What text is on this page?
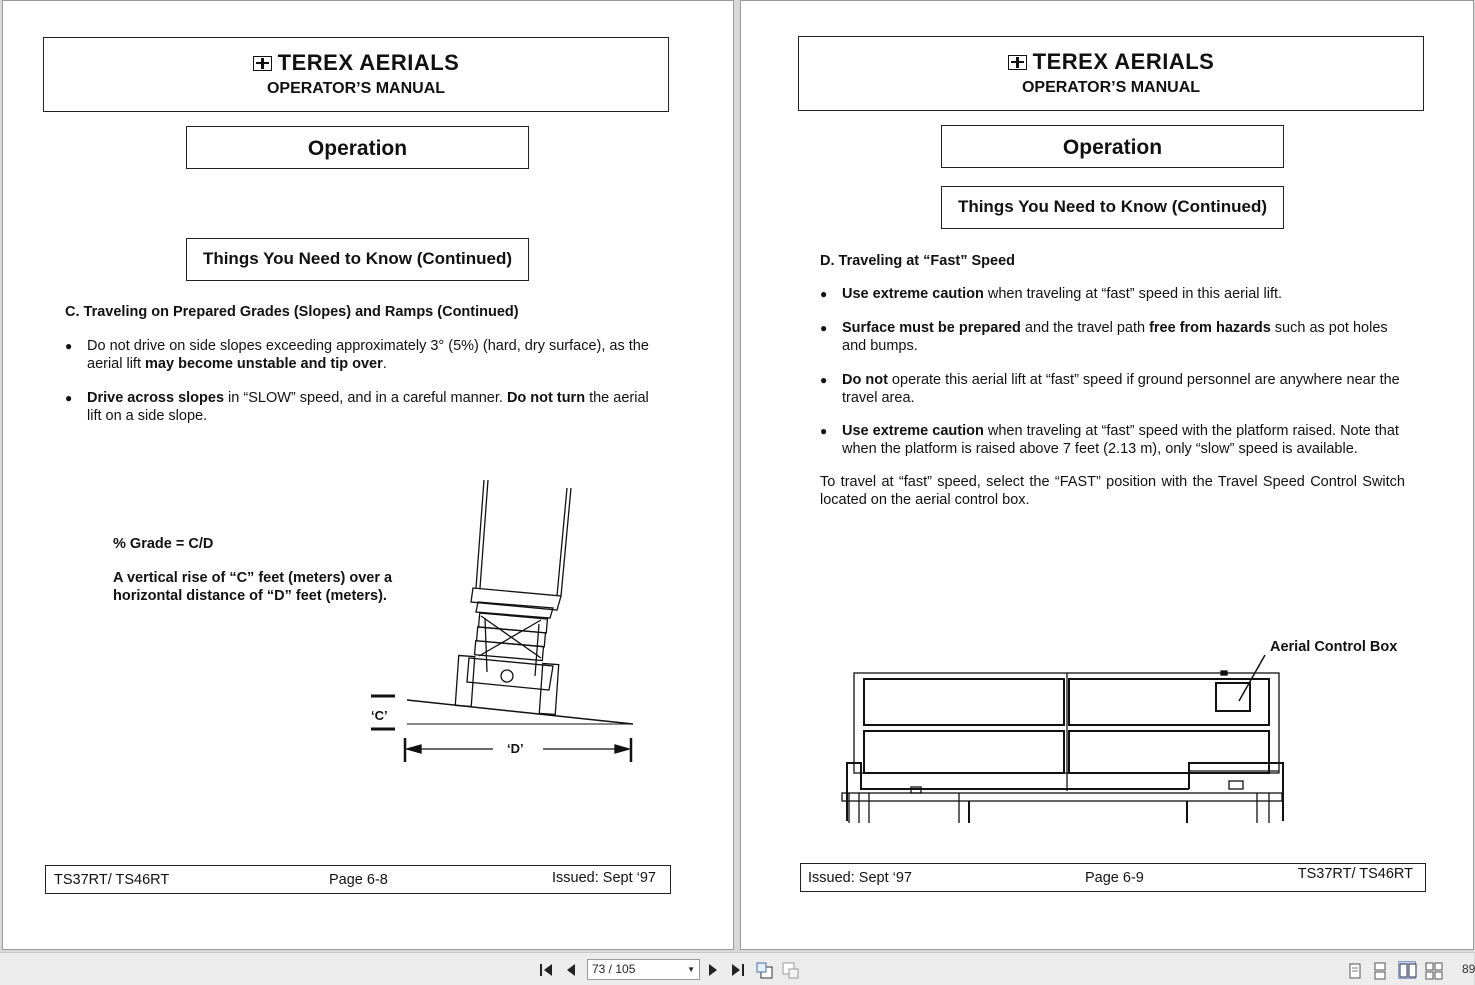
TEREX AERIALS
OPERATOR’S MANUAL
Operation
Things You Need to Know (Continued)
C. Traveling on Prepared Grades (Slopes) and Ramps (Continued)
● Do not drive on side slopes exceeding approximately 3° (5%) (hard, dry surface), as the aerial lift may become unstable and tip over.
● Drive across slopes in “SLOW” speed, and in a careful manner. Do not turn the aerial lift on a side slope.
% Grade = C/D
A vertical rise of “C” feet (meters) over a horizontal distance of “D” feet (meters).
‘C’
‘D’
TS37RT/ TS46RT	Page 6-8	Issued: Sept ‘97
TEREX AERIALS
OPERATOR’S MANUAL
Operation
Things You Need to Know (Continued)
D. Traveling at “Fast” Speed
● Use extreme caution when traveling at “fast” speed in this aerial lift.
● Surface must be prepared and the travel path free from hazards such as pot holes and bumps.
● Do not operate this aerial lift at “fast” speed if ground personnel are anywhere near the travel area.
● Use extreme caution when traveling at “fast” speed with the platform raised. Note that when the platform is raised above 7 feet (2.13 m), only “slow” speed is available.
To travel at “fast” speed, select the “FAST” position with the Travel Speed Control Switch located on the aerial control box.
Aerial Control Box
Issued: Sept ‘97	Page 6-9	TS37RT/ TS46RT
73 / 105	▼	89
